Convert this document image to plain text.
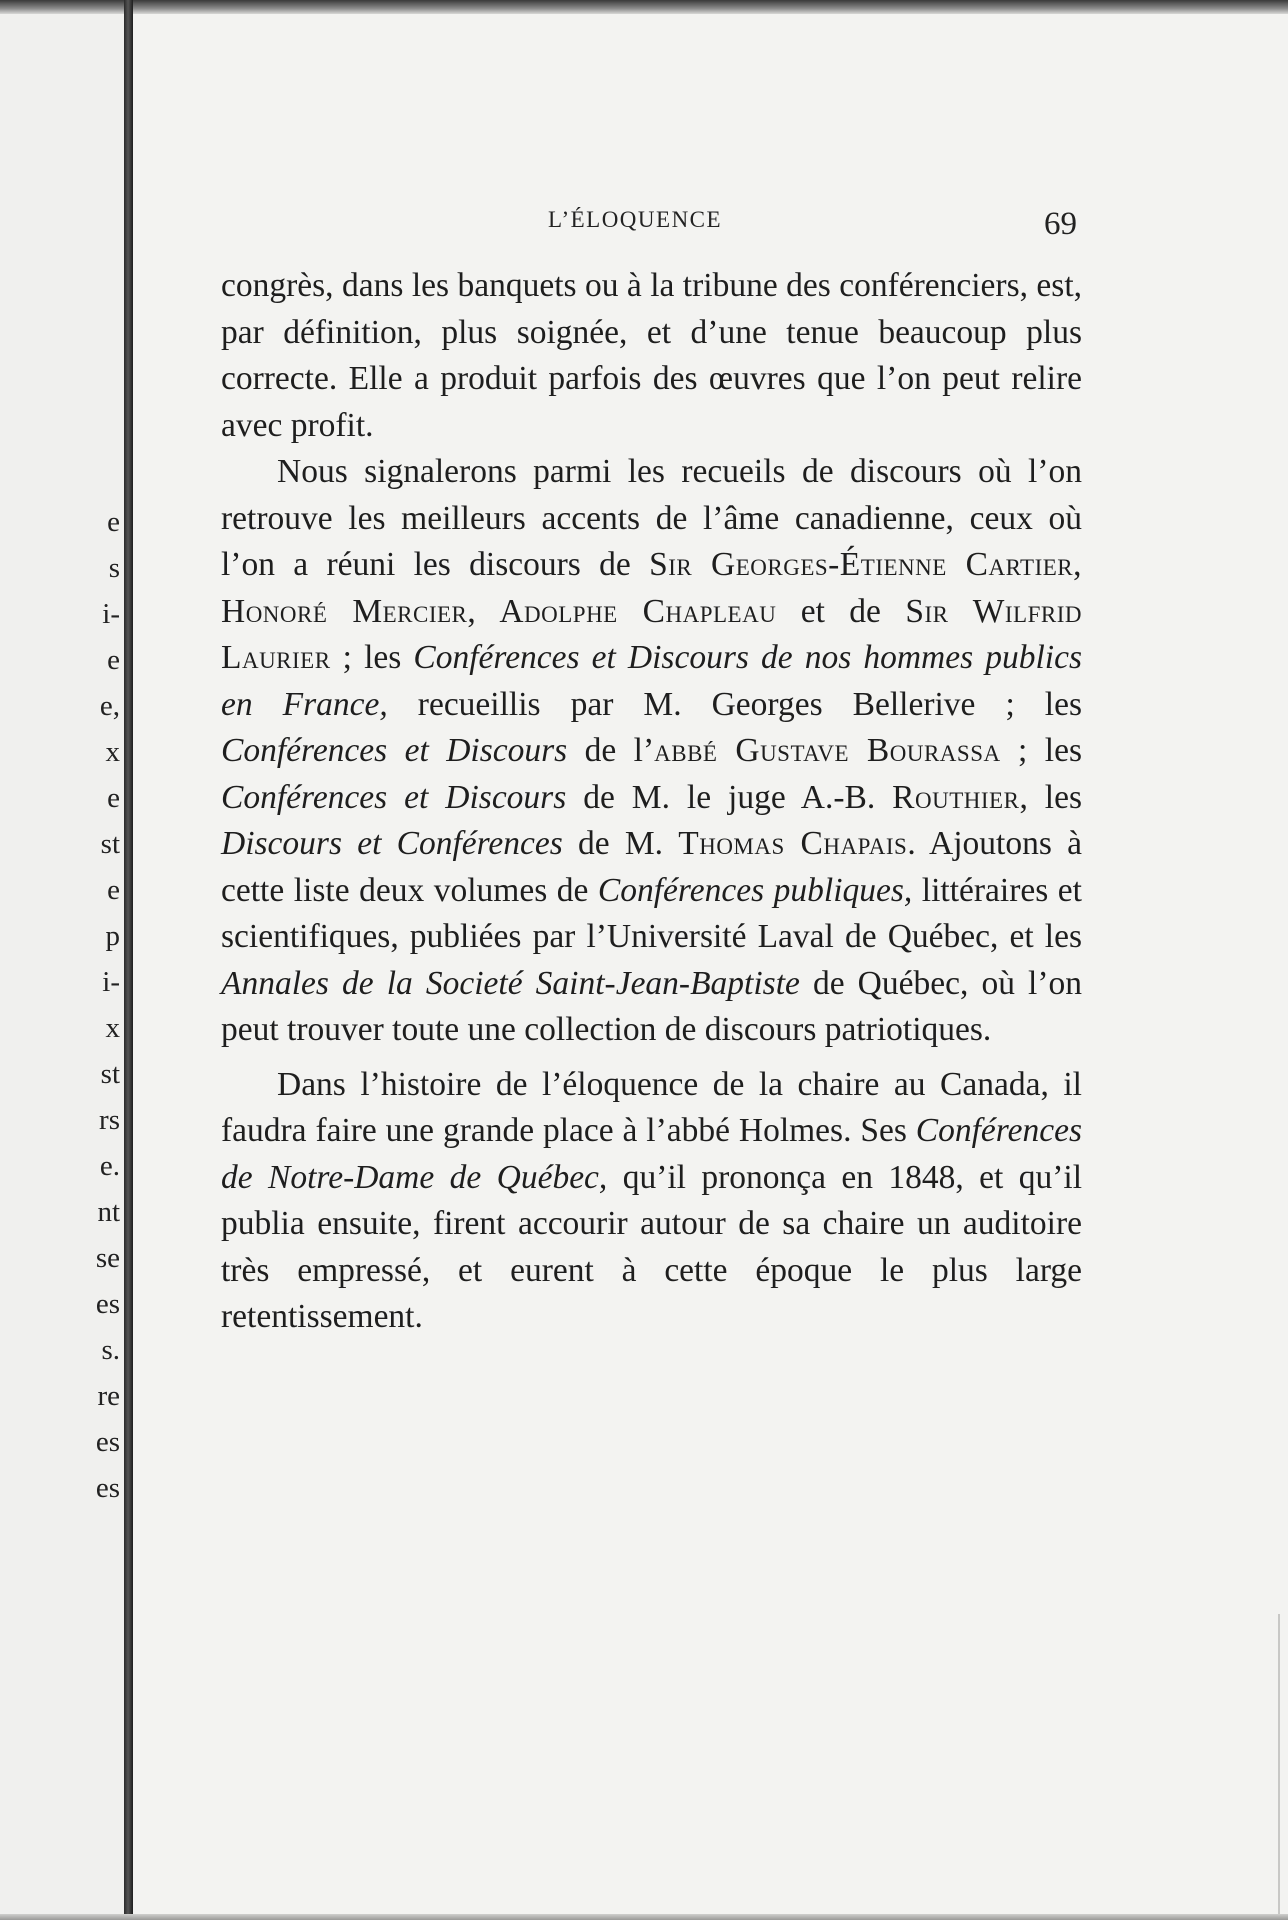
e
s
i-
e
e,
x
e
st
e
p
i-
x
st
rs
e.
nt
se
es
s.
re
es
es
L’ÉLOQUENCE	69

congrès, dans les banquets ou à la tribune des conférenciers, est, par définition, plus soignée, et d’une tenue beaucoup plus correcte. Elle a produit parfois des œuvres que l’on peut relire avec profit.

Nous signalerons parmi les recueils de discours où l’on retrouve les meilleurs accents de l’âme canadienne, ceux où l’on a réuni les discours de Sir Georges-Étienne Cartier, Honoré Mercier, Adolphe Chapleau et de Sir Wilfrid Laurier ; les Conférences et Discours de nos hommes publics en France, recueillis par M. Georges Bellerive ; les Conférences et Discours de l’abbé Gustave Bourassa ; les Conférences et Discours de M. le juge A.-B. Routhier, les Discours et Conférences de M. Thomas Chapais. Ajoutons à cette liste deux volumes de Conférences publiques, littéraires et scientifiques, publiées par l’Université Laval de Québec, et les Annales de la Societé Saint-Jean-Baptiste de Québec, où l’on peut trouver toute une collection de discours patriotiques.

Dans l’histoire de l’éloquence de la chaire au Canada, il faudra faire une grande place à l’abbé Holmes. Ses Conférences de Notre-Dame de Québec, qu’il prononça en 1848, et qu’il publia ensuite, firent accourir autour de sa chaire un auditoire très empressé, et eurent à cette époque le plus large retentissement.
